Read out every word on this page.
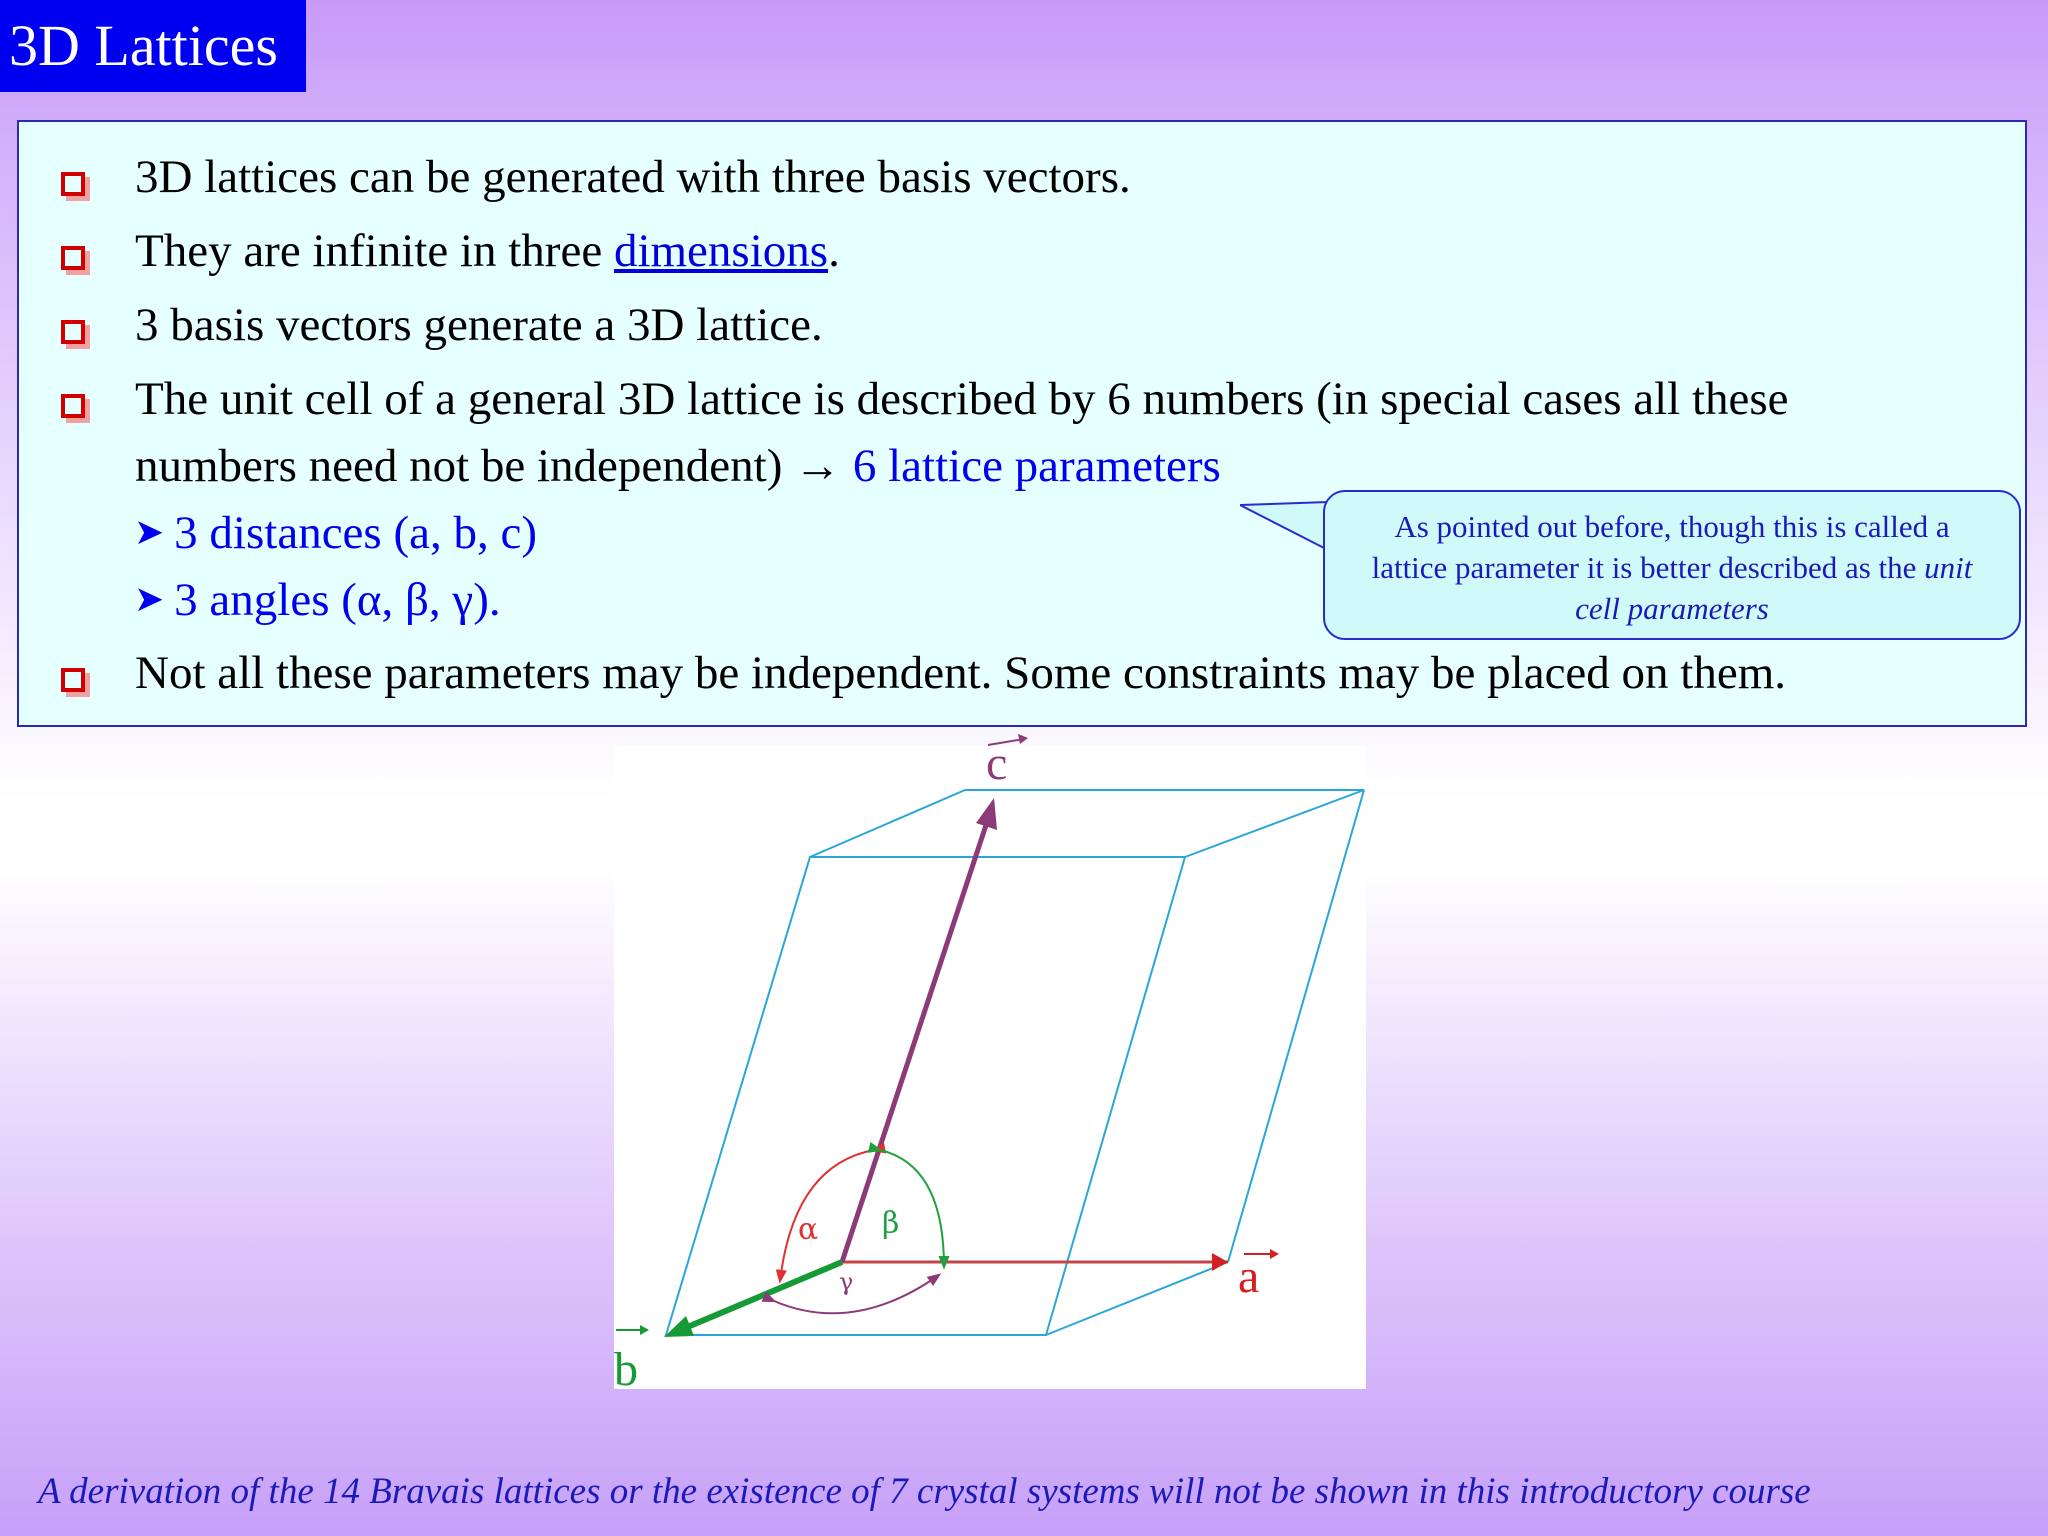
3D Lattices
3D lattices can be generated with three basis vectors.
They are infinite in three dimensions.
3 basis vectors generate a 3D lattice.
The unit cell of a general 3D lattice is described by 6 numbers (in special cases all these
numbers need not be independent) → 6 lattice parameters
➤ 3 distances (a, b, c)
➤ 3 angles (α, β, γ).
Not all these parameters may be independent. Some constraints may be placed on them.
As pointed out before, though this is called a
lattice parameter it is better described as the unit
cell parameters
α β
γ	a
b
c
A derivation of the 14 Bravais lattices or the existence of 7 crystal systems will not be shown in this introductory course
